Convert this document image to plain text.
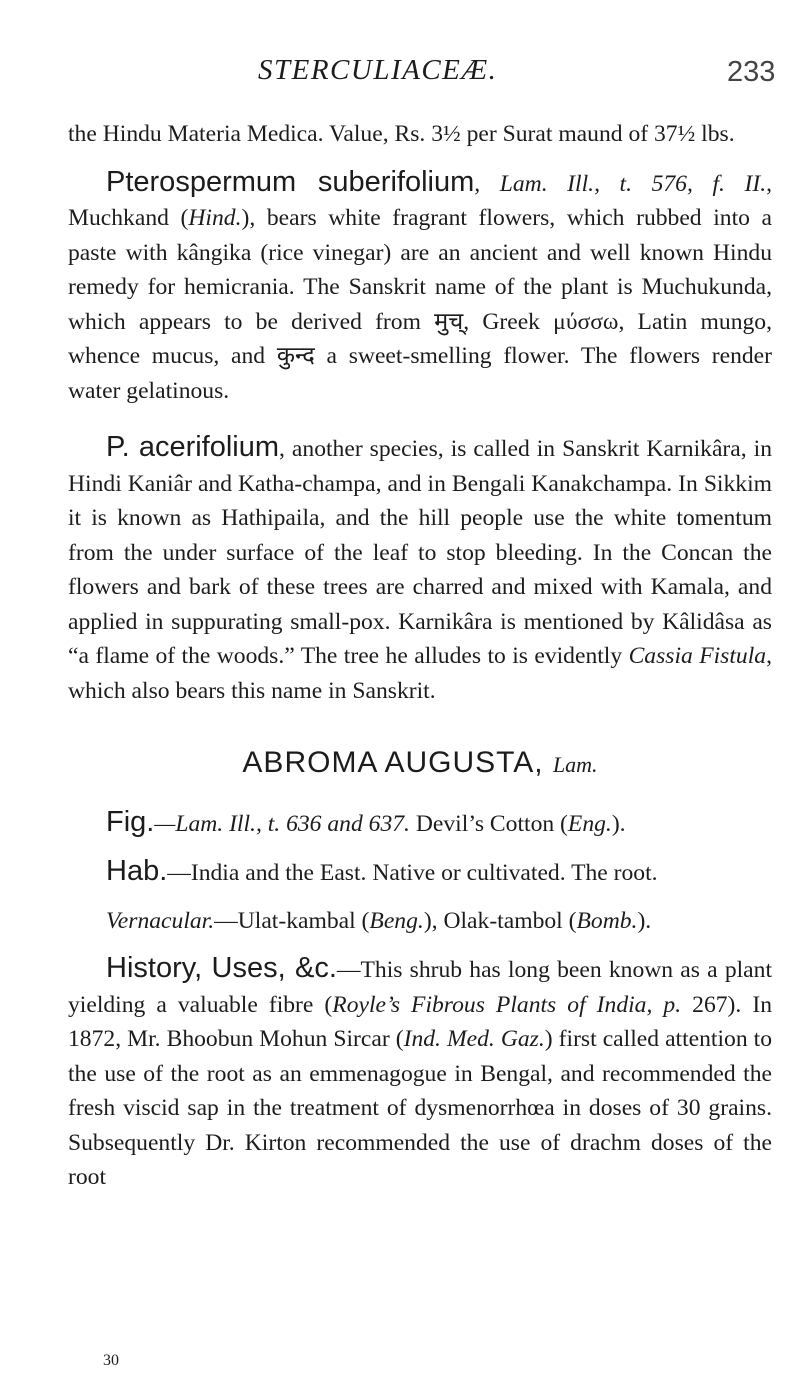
STERCULIACEÆ.	233

the Hindu Materia Medica. Value, Rs. 3½ per Surat maund of 37½ lbs.

Pterospermum suberifolium, Lam. Ill., t. 576, f. II., Muchkand (Hind.), bears white fragrant flowers, which rubbed into a paste with kângika (rice vinegar) are an ancient and well known Hindu remedy for hemicrania. The Sanskrit name of the plant is Muchukunda, which appears to be derived from मुच्, Greek μύσσω, Latin mungo, whence mucus, and कुन्द a sweet-smelling flower. The flowers render water gelatinous.

P. acerifolium, another species, is called in Sanskrit Karnikâra, in Hindi Kaniâr and Katha-champa, and in Bengali Kanakchampa. In Sikkim it is known as Hathipaila, and the hill people use the white tomentum from the under surface of the leaf to stop bleeding. In the Concan the flowers and bark of these trees are charred and mixed with Kamala, and applied in suppurating small-pox. Karnikâra is mentioned by Kâlidâsa as “a flame of the woods.” The tree he alludes to is evidently Cassia Fistula, which also bears this name in Sanskrit.

ABROMA AUGUSTA, Lam.

Fig.—Lam. Ill., t. 636 and 637. Devil’s Cotton (Eng.).

Hab.—India and the East. Native or cultivated. The root.

Vernacular.—Ulat-kambal (Beng.), Olak-tambol (Bomb.).

History, Uses, &c.—This shrub has long been known as a plant yielding a valuable fibre (Royle’s Fibrous Plants of India, p. 267). In 1872, Mr. Bhoobun Mohun Sircar (Ind. Med. Gaz.) first called attention to the use of the root as an emmenagogue in Bengal, and recommended the fresh viscid sap in the treatment of dysmenorrhœa in doses of 30 grains. Subsequently Dr. Kirton recommended the use of drachm doses of the root

30
